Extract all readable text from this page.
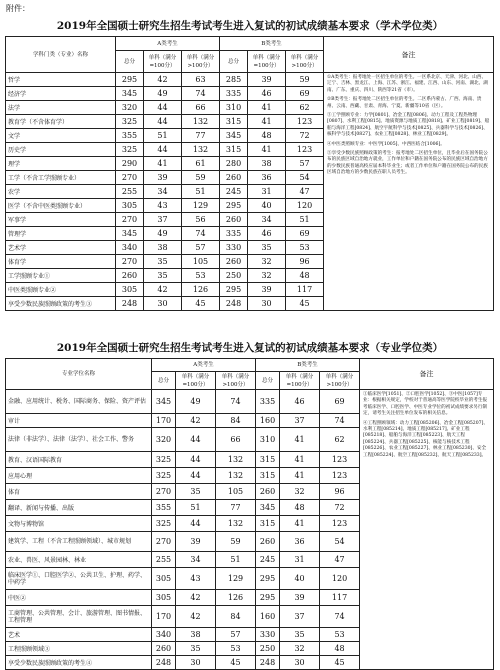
附件：
2019年全国硕士研究生招生考试考生进入复试的初试成绩基本要求（学术学位类）
学科门类（专业）名称	A类考生			B类考生			备注
	总分	单科（满分=100分）	单科（满分>100分）	总分	单科（满分=100分）	单科（满分>100分）	
哲学	295	42	63	285	39	59	①A类考生：报考地处一区招生单位的考生。一区系北京、天津、河北、山西、辽宁、吉林、黑龙江、上海、江苏、浙江、福建、江西、山东、河南、湖北、湖南、广东、重庆、四川、陕西等21省（市）。

②B类考生：报考地处二区招生单位的考生。二区系内蒙古、广西、海南、贵州、云南、西藏、甘肃、青海、宁夏、新疆等10省（区）。

③工学照顾专业：力学[0801]、冶金工程[0806]、动力工程及工程热物理[0807]、水利工程[0815]、地质资源与地质工程[0818]、矿业工程[0819]、船舶与海洋工程[0824]、航空宇航科学与技术[0825]、兵器科学与技术[0826]、核科学与技术[0827]、农业工程[0828]、林业工程[0829]。

④中医类照顾专业：中医学[1005]、中西医结合[1006]。

⑤享受少数民族照顾政策的考生：报考地处二区招生单位，且毕业后在国务院公布的民族区域自治地方就业，工作单位和户籍在国务院公布的民族区域自治地方的少数民族普通高校应届本科毕业生；或者工作单位和户籍在国务院公布的民族区域自治地方的少数民族在职人员考生。

经济学	345	49	74	335	46	69	
法学	320	44	66	310	41	62	
教育学（不含体育学）	325	44	132	315	41	123	
文学	355	51	77	345	48	72	
历史学	325	44	132	315	41	123	
理学	290	41	61	280	38	57	
工学（不含工学照顾专业）	270	39	59	260	36	54	
农学	255	34	51	245	31	47	
医学（不含中医类照顾专业）	305	43	129	295	40	120	
军事学	270	37	56	260	34	51	
管理学	345	49	74	335	46	69	
艺术学	340	38	57	330	35	53	
体育学	270	35	105	260	32	96	
工学照顾专业①	260	35	53	250	32	48	
中医类照顾专业②	305	42	126	295	39	117	
享受少数民族照顾政策的考生③	248	30	45	248	30	45	
2019年全国硕士研究生招生考试考生进入复试的初试成绩基本要求（专业学位类）
专业学位名称	A类考生			B类考生			备注
	总分	单科（满分=100分）	单科（满分>100分）	总分	单科（满分=100分）	单科（满分>100分）	
金融、应用统计、税务、国际商务、保险、资产评估	345	49	74	335	46	69	①临床医学[1051]、②口腔医学[1052]、③中医[1057]专业：根据相关规定，学校对于普通高等医学院校毕业的考生报考临床医学、口腔医学、中医专业学位的初试成绩要求另行制定，请考生关注招生单位发布的相关信息。

④工程照顾领域：动力工程[085206]、冶金工程[085207]、水利工程[085214]、地质工程[085217]、矿业工程[085218]、船舶与海洋工程[085223]、航天工程[085224]、兵器工程[085225]、核能与核技术工程[085226]、农业工程[085227]、林业工程[085230]、安全工程[085224]、航空工程[085232]、航天工程[085233]。

审计	170	42	84	160	37	74	
法律（非法学）、法律（法学）、社会工作、警务	320	44	66	310	41	62	
教育、汉语国际教育	325	44	132	315	41	123	
应用心理	325	44	132	315	41	123	
体育	270	35	105	260	32	96	
翻译、新闻与传播、出版	355	51	77	345	48	72	
文物与博物馆	325	44	132	315	41	123	
建筑学、工程（不含工程照顾领域）、城市规划	270	39	59	260	36	54	
农业、兽医、风景园林、林业	255	34	51	245	31	47	
临床医学①、口腔医学②、公共卫生、护理、药学、中药学	305	43	129	295	40	120	
中医②	305	42	126	295	39	117	
工商管理、公共管理、会计、旅游管理、图书情报、工程管理	170	42	84	160	37	74	
艺术	340	38	57	330	35	53	
工程照顾领域③	260	35	53	250	32	48	
享受少数民族照顾政策的考生④	248	30	45	248	30	45	
